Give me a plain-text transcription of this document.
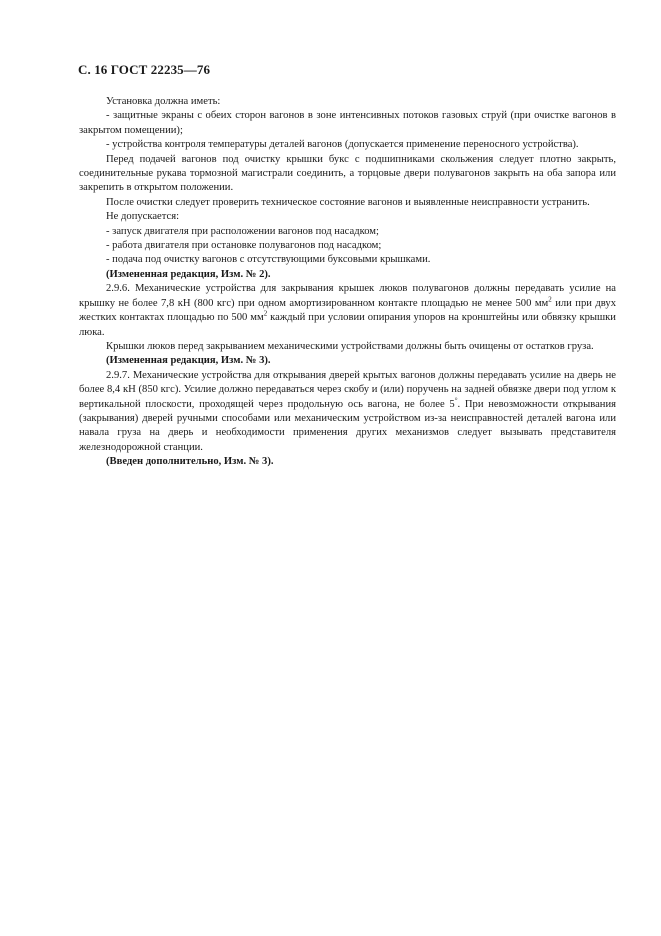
С. 16 ГОСТ 22235—76

Установка должна иметь:

- защитные экраны с обеих сторон вагонов в зоне интенсивных потоков газовых струй (при очистке вагонов в закрытом помещении);

- устройства контроля температуры деталей вагонов (допускается применение переносного устройства).

Перед подачей вагонов под очистку крышки букс с подшипниками скольжения следует плотно закрыть, соединительные рукава тормозной магистрали соединить, а торцовые двери полувагонов закрыть на оба запора или закрепить в открытом положении.

После очистки следует проверить техническое состояние вагонов и выявленные неисправности устранить.

Не допускается:

- запуск двигателя при расположении вагонов под насадком;

- работа двигателя при остановке полувагонов под насадком;

- подача под очистку вагонов с отсутствующими буксовыми крышками.

(Измененная редакция, Изм. № 2).

2.9.6. Механические устройства для закрывания крышек люков полувагонов должны передавать усилие на крышку не более 7,8 кН (800 кгс) при одном амортизированном контакте площадью не менее 500 $мм^2$ или при двух жестких контактах площадью по 500 $мм^2$ каждый при условии опирания упоров на кронштейны или обвязку крышки люка.

Крышки люков перед закрыванием механическими устройствами должны быть очищены от остатков груза.

(Измененная редакция, Изм. № 3).

2.9.7. Механические устройства для открывания дверей крытых вагонов должны передавать усилие на дверь не более 8,4 кН (850 кгс). Усилие должно передаваться через скобу и (или) поручень на задней обвязке двери под углом к вертикальной плоскости, проходящей через продольную ось вагона, не более 5°. При невозможности открывания (закрывания) дверей ручными способами или механическим устройством из-за неисправностей деталей вагона или навала груза на дверь и необходимости применения других механизмов следует вызывать представителя железнодорожной станции.

(Введен дополнительно, Изм. № 3).
